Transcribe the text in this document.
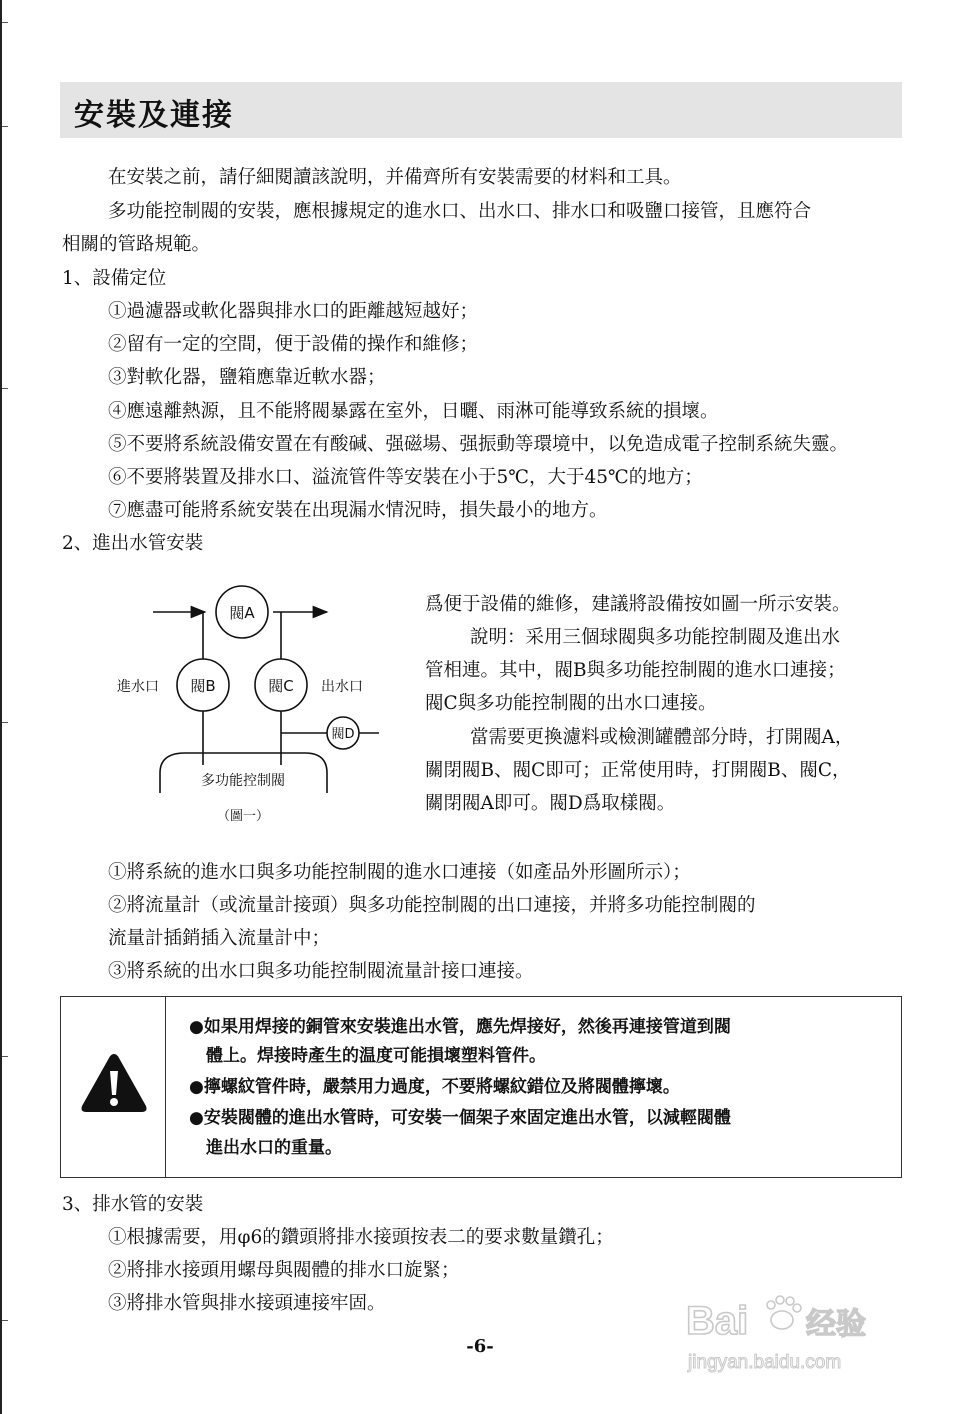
安裝及連接
在安裝之前，請仔細閱讀該說明，并備齊所有安裝需要的材料和工具。
多功能控制閥的安裝，應根據規定的進水口、出水口、排水口和吸鹽口接管，且應符合
相關的管路規範。
1、設備定位
①過濾器或軟化器與排水口的距離越短越好；
②留有一定的空間，便于設備的操作和維修；
③對軟化器，鹽箱應靠近軟水器；
④應遠離熱源，且不能將閥暴露在室外，日曬、雨淋可能導致系統的損壞。
⑤不要將系統設備安置在有酸碱、强磁場、强振動等環境中，以免造成電子控制系統失靈。
⑥不要將裝置及排水口、溢流管件等安裝在小于5℃，大于45℃的地方；
⑦應盡可能將系統安裝在出現漏水情況時，損失最小的地方。
2、進出水管安裝
閥A
閥B	閥C
閥D
進水口	出水口
多功能控制閥
（圖一）
爲便于設備的維修，建議將設備按如圖一所示安裝。
說明：采用三個球閥與多功能控制閥及進出水
管相連。其中，閥B與多功能控制閥的進水口連接；
閥C與多功能控制閥的出水口連接。
當需要更換濾料或檢測罐體部分時，打開閥A，
關閉閥B、閥C即可；正常使用時，打開閥B、閥C，
關閉閥A即可。閥D爲取樣閥。
①將系統的進水口與多功能控制閥的進水口連接（如產品外形圖所示）；
②將流量計（或流量計接頭）與多功能控制閥的出口連接，并將多功能控制閥的
流量計插銷插入流量計中；
③將系統的出水口與多功能控制閥流量計接口連接。
●如果用焊接的銅管來安裝進出水管，應先焊接好，然後再連接管道到閥
體上。焊接時產生的温度可能損壞塑料管件。
●擰螺紋管件時，嚴禁用力過度，不要將螺紋錯位及將閥體擰壞。
●安裝閥體的進出水管時，可安裝一個架子來固定進出水管，以減輕閥體
進出水口的重量。
3、排水管的安裝
①根據需要，用φ6的鑽頭將排水接頭按表二的要求數量鑽孔；
②將排水接頭用螺母與閥體的排水口旋緊；
③將排水管與排水接頭連接牢固。
-6-
Bai 经验
jingyan.baidu.com
